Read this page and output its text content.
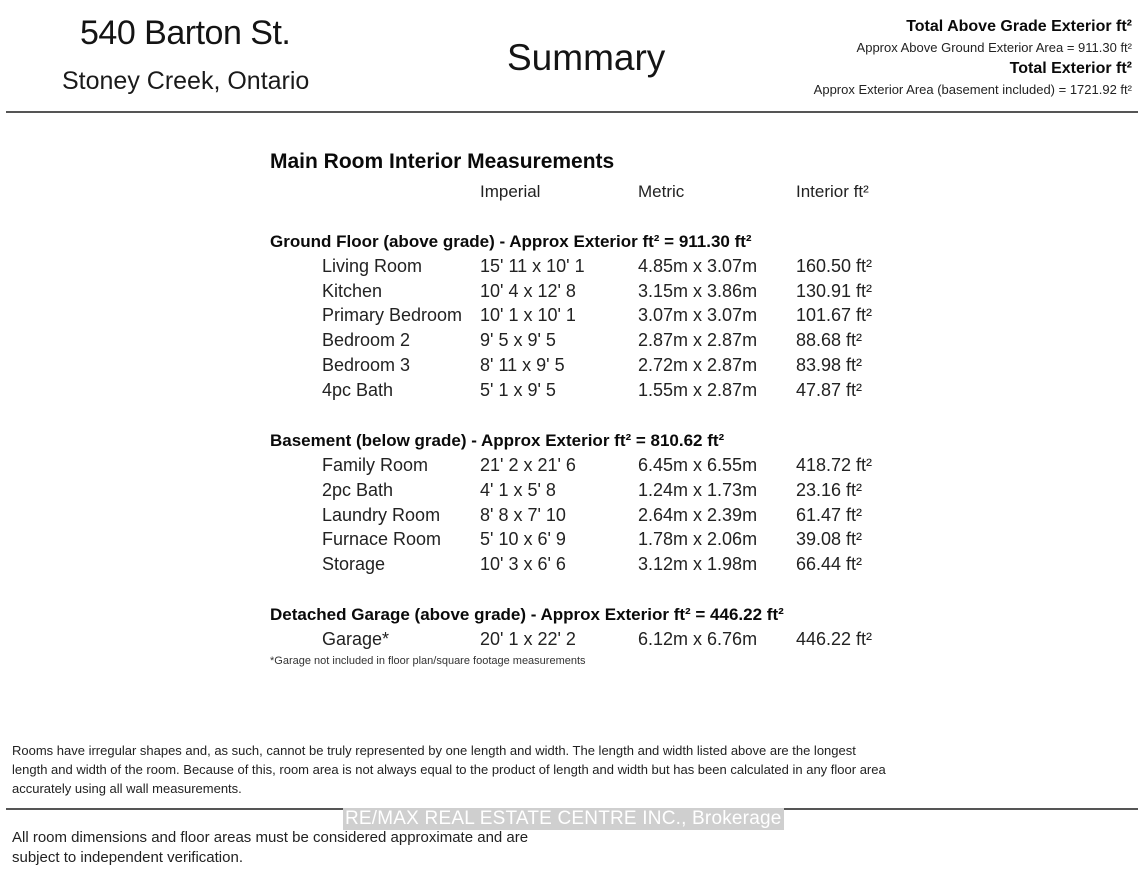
540 Barton St.
Stoney Creek, Ontario
Summary
Total Above Grade Exterior ft²
Approx Above Ground Exterior Area = 911.30 ft²
Total Exterior ft²
Approx Exterior Area (basement included) = 1721.92 ft²
Main Room Interior Measurements
Imperial	Metric	Interior ft²
Ground Floor (above grade) - Approx Exterior ft² = 911.30 ft²
Living Room	15' 11 x 10' 1	4.85m x 3.07m 160.50 ft²
Kitchen	10' 4 x 12' 8	3.15m x 3.86m 130.91 ft²
Primary Bedroom 10' 1 x 10' 1	3.07m x 3.07m 101.67 ft²
Bedroom 2	9' 5 x 9' 5	2.87m x 2.87m 88.68 ft²
Bedroom 3	8' 11 x 9' 5	2.72m x 2.87m 83.98 ft²
4pc Bath	5' 1 x 9' 5	1.55m x 2.87m 47.87 ft²
Basement (below grade) - Approx Exterior ft² = 810.62 ft²
Family Room	21' 2 x 21' 6	6.45m x 6.55m 418.72 ft²
2pc Bath	4' 1 x 5' 8	1.24m x 1.73m 23.16 ft²
Laundry Room 8' 8 x 7' 10	2.64m x 2.39m 61.47 ft²
Furnace Room 5' 10 x 6' 9	1.78m x 2.06m 39.08 ft²
Storage	10' 3 x 6' 6	3.12m x 1.98m 66.44 ft²
Detached Garage (above grade) - Approx Exterior ft² = 446.22 ft²
Garage*	20' 1 x 22' 2	6.12m x 6.76m 446.22 ft²
*Garage not included in floor plan/square footage measurements
Rooms have irregular shapes and, as such, cannot be truly represented by one length and width. The length and width listed above are the longest length and width of the room. Because of this, room area is not always equal to the product of length and width but has been calculated in any floor area accurately using all wall measurements.
RE/MAX REAL ESTATE CENTRE INC., Brokerage
All room dimensions and floor areas must be considered approximate and are subject to independent verification.
